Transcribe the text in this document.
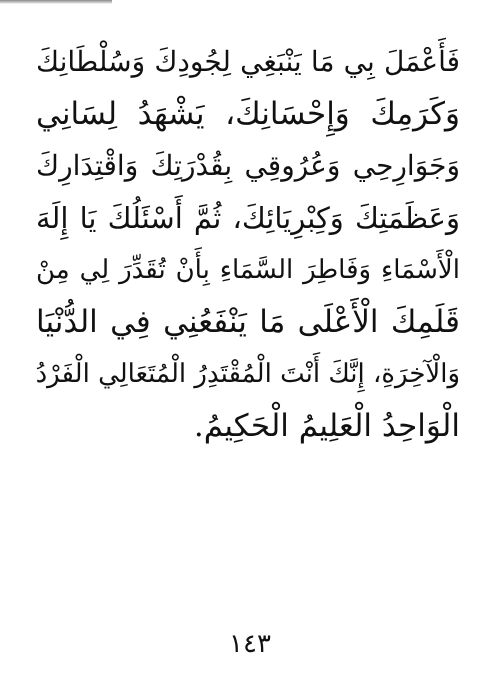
فَأَعْمَلَ بِي مَا يَنْبَغِي لِجُودِكَ وَسُلْطَانِكَ
وَكَرَمِكَ وَإِحْسَانِكَ، يَشْهَدُ لِسَانِي
وَجَوَارِحِي وَعُرُوقِي بِقُدْرَتِكَ وَاقْتِدَارِكَ
وَعَظَمَتِكَ وَكِبْرِيَائِكَ، ثُمَّ أَسْئَلُكَ يَا إِلَهَ
الْأَسْمَاءِ وَفَاطِرَ السَّمَاءِ بِأَنْ تُقَدِّرَ لِي مِنْ
قَلَمِكَ الْأَعْلَى مَا يَنْفَعُنِي فِي الدُّنْيَا
وَالْآخِرَةِ، إِنَّكَ أَنْتَ الْمُقْتَدِرُ الْمُتَعَالِي الْفَرْدُ
الْوَاحِدُ الْعَلِيمُ الْحَكِيمُ.
١٤٣
